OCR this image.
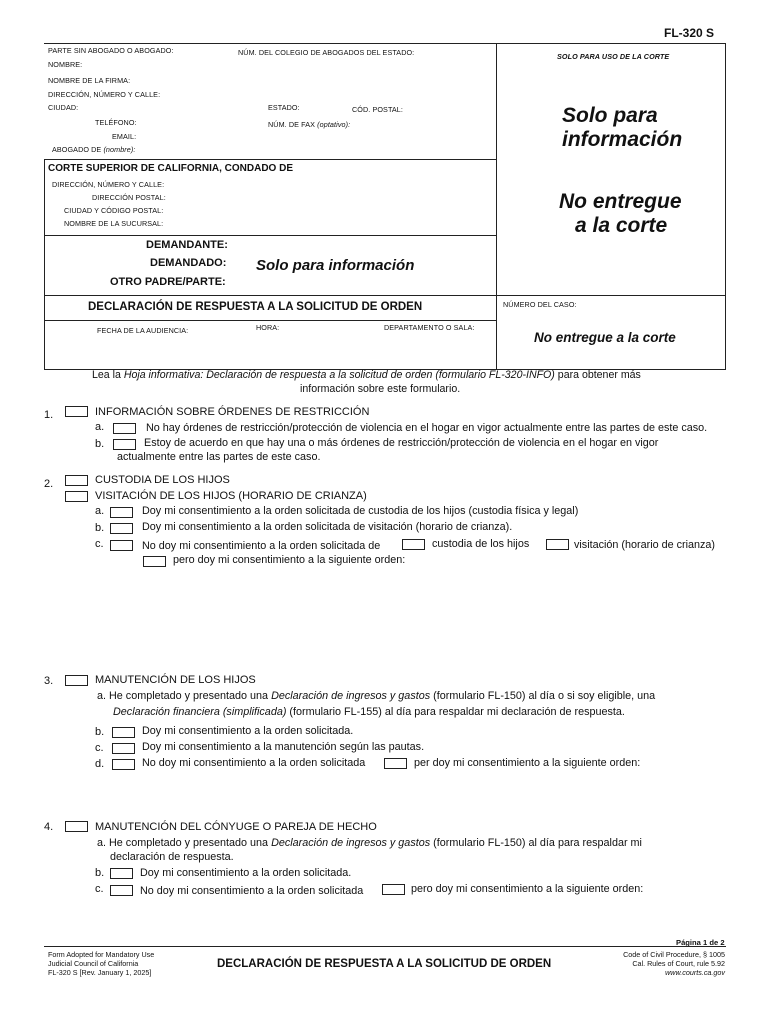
FL-320 S
PARTE SIN ABOGADO O ABOGADO:	NÚM. DEL COLEGIO DE ABOGADOS DEL ESTADO:	SOLO PARA USO DE LA CORTE
NOMBRE:
NOMBRE DE LA FIRMA:
DIRECCIÓN, NÚMERO Y CALLE:
CIUDAD:	ESTADO:	CÓD. POSTAL:
TELÉFONO:	NÚM. DE FAX (optativo):
EMAIL:
ABOGADO DE (nombre):
Solo para
información
No entregue
a la corte
CORTE SUPERIOR DE CALIFORNIA, CONDADO DE
DIRECCIÓN, NÚMERO Y CALLE:
DIRECCIÓN POSTAL:
CIUDAD Y CÓDIGO POSTAL:
NOMBRE DE LA SUCURSAL:
DEMANDANTE:
DEMANDADO:
OTRO PADRE/PARTE:
Solo para información
DECLARACIÓN DE RESPUESTA A LA SOLICITUD DE ORDEN	NÚMERO DEL CASO:
FECHA DE LA AUDIENCIA:	HORA:	DEPARTAMENTO O SALA:
No entregue a la corte
Lea la Hoja informativa: Declaración de respuesta a la solicitud de orden (formulario FL-320-INFO) para obtener más
información sobre este formulario.
1.	INFORMACIÓN SOBRE ÓRDENES DE RESTRICCIÓN
a.	No hay órdenes de restricción/protección de violencia en el hogar en vigor actualmente entre las partes de este caso.
b.	Estoy de acuerdo en que hay una o más órdenes de restricción/protección de violencia en el hogar en vigor
actualmente entre las partes de este caso.
2.	CUSTODIA DE LOS HIJOS
VISITACIÓN DE LOS HIJOS (HORARIO DE CRIANZA)
a.	Doy mi consentimiento a la orden solicitada de custodia de los hijos (custodia física y legal)
b.	Doy mi consentimiento a la orden solicitada de visitación (horario de crianza).
c.	No doy mi consentimiento a la orden solicitada de	custodia de los hijos	visitación (horario de crianza)
pero doy mi consentimiento a la siguiente orden:
3.	MANUTENCIÓN DE LOS HIJOS
a. He completado y presentado una Declaración de ingresos y gastos (formulario FL-150) al día o si soy eligible, una
Declaración financiera (simplificada) (formulario FL-155) al día para respaldar mi declaración de respuesta.
b.	Doy mi consentimiento a la orden solicitada.
c.	Doy mi consentimiento a la manutención según las pautas.
d.	No doy mi consentimiento a la orden solicitada	per doy mi consentimiento a la siguiente orden:
4.	MANUTENCIÓN DEL CÓNYUGE O PAREJA DE HECHO
a. He completado y presentado una Declaración de ingresos y gastos (formulario FL-150) al día para respaldar mi
declaración de respuesta.
b.	Doy mi consentimiento a la orden solicitada.
c.	No doy mi consentimiento a la orden solicitada	pero doy mi consentimiento a la siguiente orden:
Página 1 de 2
Form Adopted for Mandatory Use
Judicial Council of California
FL-320 S [Rev. January 1, 2025]
DECLARACIÓN DE RESPUESTA A LA SOLICITUD DE ORDEN
Code of Civil Procedure, § 1005
Cal. Rules of Court, rule 5.92
www.courts.ca.gov
